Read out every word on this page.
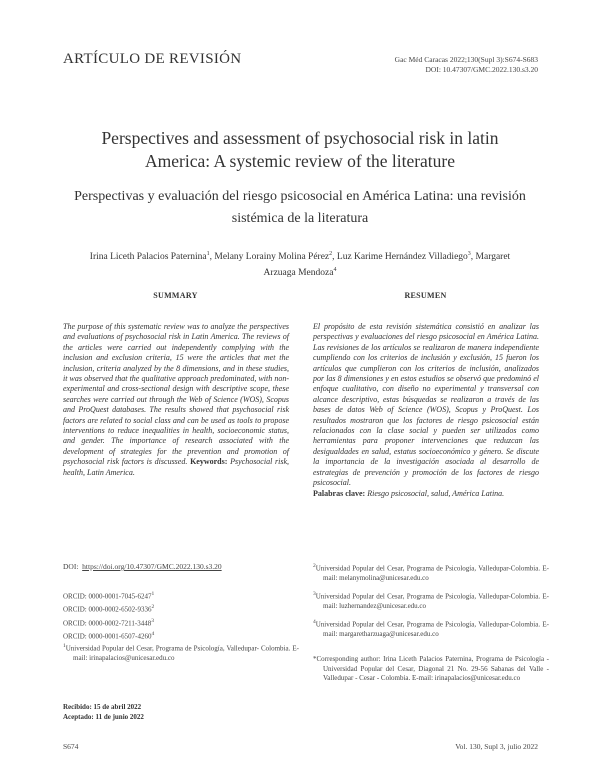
ARTÍCULO DE REVISIÓN	Gac Méd Caracas 2022;130(Supl 3):S674-S683
DOI: 10.47307/GMC.2022.130.s3.20
Perspectives and assessment of psychosocial risk in latin America: A systemic review of the literature
Perspectivas y evaluación del riesgo psicosocial en América Latina: una revisión sistémica de la literatura
Irina Liceth Palacios Paternina$^1$, Melany Lorainy Molina Pérez$^2$, Luz Karime Hernández Villadiego$^3$, Margaret Arzuaga Mendoza$^4$
SUMMARY	RESUMEN
The purpose of this systematic review was to analyze the perspectives and evaluations of psychosocial risk in Latin America. The reviews of the articles were carried out independently complying with the inclusion and exclusion criteria, 15 were the articles that met the inclusion, criteria analyzed by the 8 dimensions, and in these studies, it was observed that the qualitative approach predominated, with non-experimental and cross-sectional design with descriptive scope, these searches were carried out through the Web of Science (WOS), Scopus and ProQuest databases. The results showed that psychosocial risk factors are related to social class and can be used as tools to propose interventions to reduce inequalities in health, socioeconomic status, and gender. The importance of research associated with the development of strategies for the prevention and promotion of psychosocial risk factors is discussed. Keywords: Psychosocial risk, health, Latin America.
El propósito de esta revisión sistemática consistió en analizar las perspectivas y evaluaciones del riesgo psicosocial en América Latina. Las revisiones de los artículos se realizaron de manera independiente cumpliendo con los criterios de inclusión y exclusión, 15 fueron los artículos que cumplieron con los criterios de inclusión, analizados por las 8 dimensiones y en estos estudios se observó que predominó el enfoque cualitativo, con diseño no experimental y transversal con alcance descriptivo, estas búsquedas se realizaron a través de las bases de datos Web of Science (WOS), Scopus y ProQuest. Los resultados mostraron que los factores de riesgo psicosocial están relacionados con la clase social y pueden ser utilizados como herramientas para proponer intervenciones que reduzcan las desigualdades en salud, estatus socioeconómico y género. Se discute la importancia de la investigación asociada al desarrollo de estrategias de prevención y promoción de los factores de riesgo psicosocial.
Palabras clave: Riesgo psicosocial, salud, América Latina.
DOI: https://doi.org/10.47307/GMC.2022.130.s3.20
ORCID: 0000-0001-7045-6247$^1$
ORCID: 0000-0002-6502-9336$^2$
ORCID: 0000-0002-7211-3448$^3$
ORCID: 0000-0001-6507-4260$^4$
$^1$Universidad Popular del Cesar, Programa de Psicología, Valledupar- Colombia. E-mail: irinapalacios@unicesar.edu.co
$^2$Universidad Popular del Cesar, Programa de Psicología, Valledupar-Colombia. E-mail: melanymolina@unicesar.edu.co
$^3$Universidad Popular del Cesar, Programa de Psicología, Valledupar-Colombia. E-mail: luzhernandez@unicesar.edu.co
$^4$Universidad Popular del Cesar, Programa de Psicología, Valledupar-Colombia. E-mail: margaretharzuaga@unicesar.edu.co
*Corresponding author: Irina Liceth Palacios Paternina, Programa de Psicología - Universidad Popular del Cesar, Diagonal 21 No. 29-56 Sabanas del Valle - Valledupar - Cesar - Colombia. E-mail: irinapalacios@unicesar.edu.co
Recibido: 15 de abril 2022
Aceptado: 11 de junio 2022
S674	Vol. 130, Supl 3, julio 2022
